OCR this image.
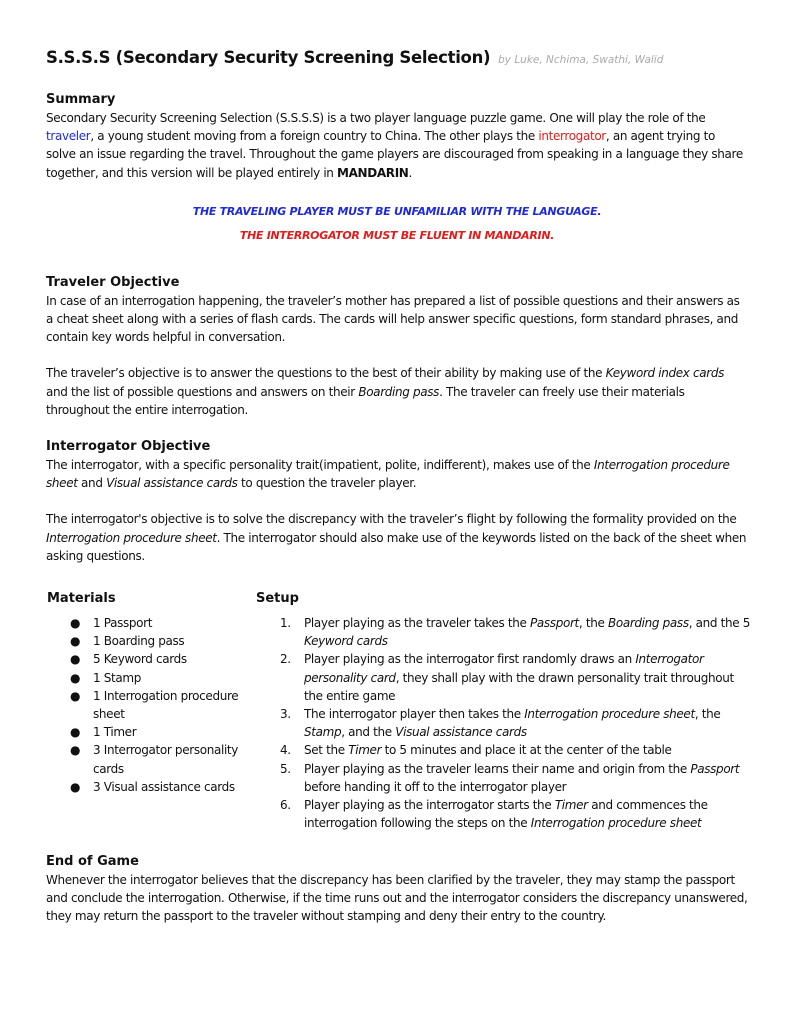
S.S.S.S (Secondary Security Screening Selection) by Luke, Nchima, Swathi, Walid
Summary

Secondary Security Screening Selection (S.S.S.S) is a two player language puzzle game. One will play the role of the traveler, a young student moving from a foreign country to China. The other plays the interrogator, an agent trying to solve an issue regarding the travel. Throughout the game players are discouraged from speaking in a language they share together, and this version will be played entirely in MANDARIN.

THE TRAVELING PLAYER MUST BE UNFAMILIAR WITH THE LANGUAGE.
THE INTERROGATOR MUST BE FLUENT IN MANDARIN.
Traveler Objective

In case of an interrogation happening, the traveler’s mother has prepared a list of possible questions and their answers as a cheat sheet along with a series of flash cards. The cards will help answer specific questions, form standard phrases, and contain key words helpful in conversation.

The traveler’s objective is to answer the questions to the best of their ability by making use of the Keyword index cards and the list of possible questions and answers on their Boarding pass. The traveler can freely use their materials throughout the entire interrogation.

Interrogator Objective

The interrogator, with a specific personality trait(impatient, polite, indifferent), makes use of the Interrogation procedure sheet and Visual assistance cards to question the traveler player.

The interrogator's objective is to solve the discrepancy with the traveler’s flight by following the formality provided on the Interrogation procedure sheet. The interrogator should also make use of the keywords listed on the back of the sheet when asking questions.

Materials
● 1 Passport
● 1 Boarding pass
● 5 Keyword cards
● 1 Stamp
● 1 Interrogation procedure sheet
● 1 Timer
● 3 Interrogator personality cards
● 3 Visual assistance cards
Setup
1. Player playing as the traveler takes the Passport, the Boarding pass, and the 5 Keyword cards
2. Player playing as the interrogator first randomly draws an Interrogator personality card, they shall play with the drawn personality trait throughout the entire game
3. The interrogator player then takes the Interrogation procedure sheet, the Stamp, and the Visual assistance cards
4. Set the Timer to 5 minutes and place it at the center of the table
5. Player playing as the traveler learns their name and origin from the Passport before handing it off to the interrogator player
6. Player playing as the interrogator starts the Timer and commences the interrogation following the steps on the Interrogation procedure sheet
End of Game

Whenever the interrogator believes that the discrepancy has been clarified by the traveler, they may stamp the passport and conclude the interrogation. Otherwise, if the time runs out and the interrogator considers the discrepancy unanswered, they may return the passport to the traveler without stamping and deny their entry to the country.
